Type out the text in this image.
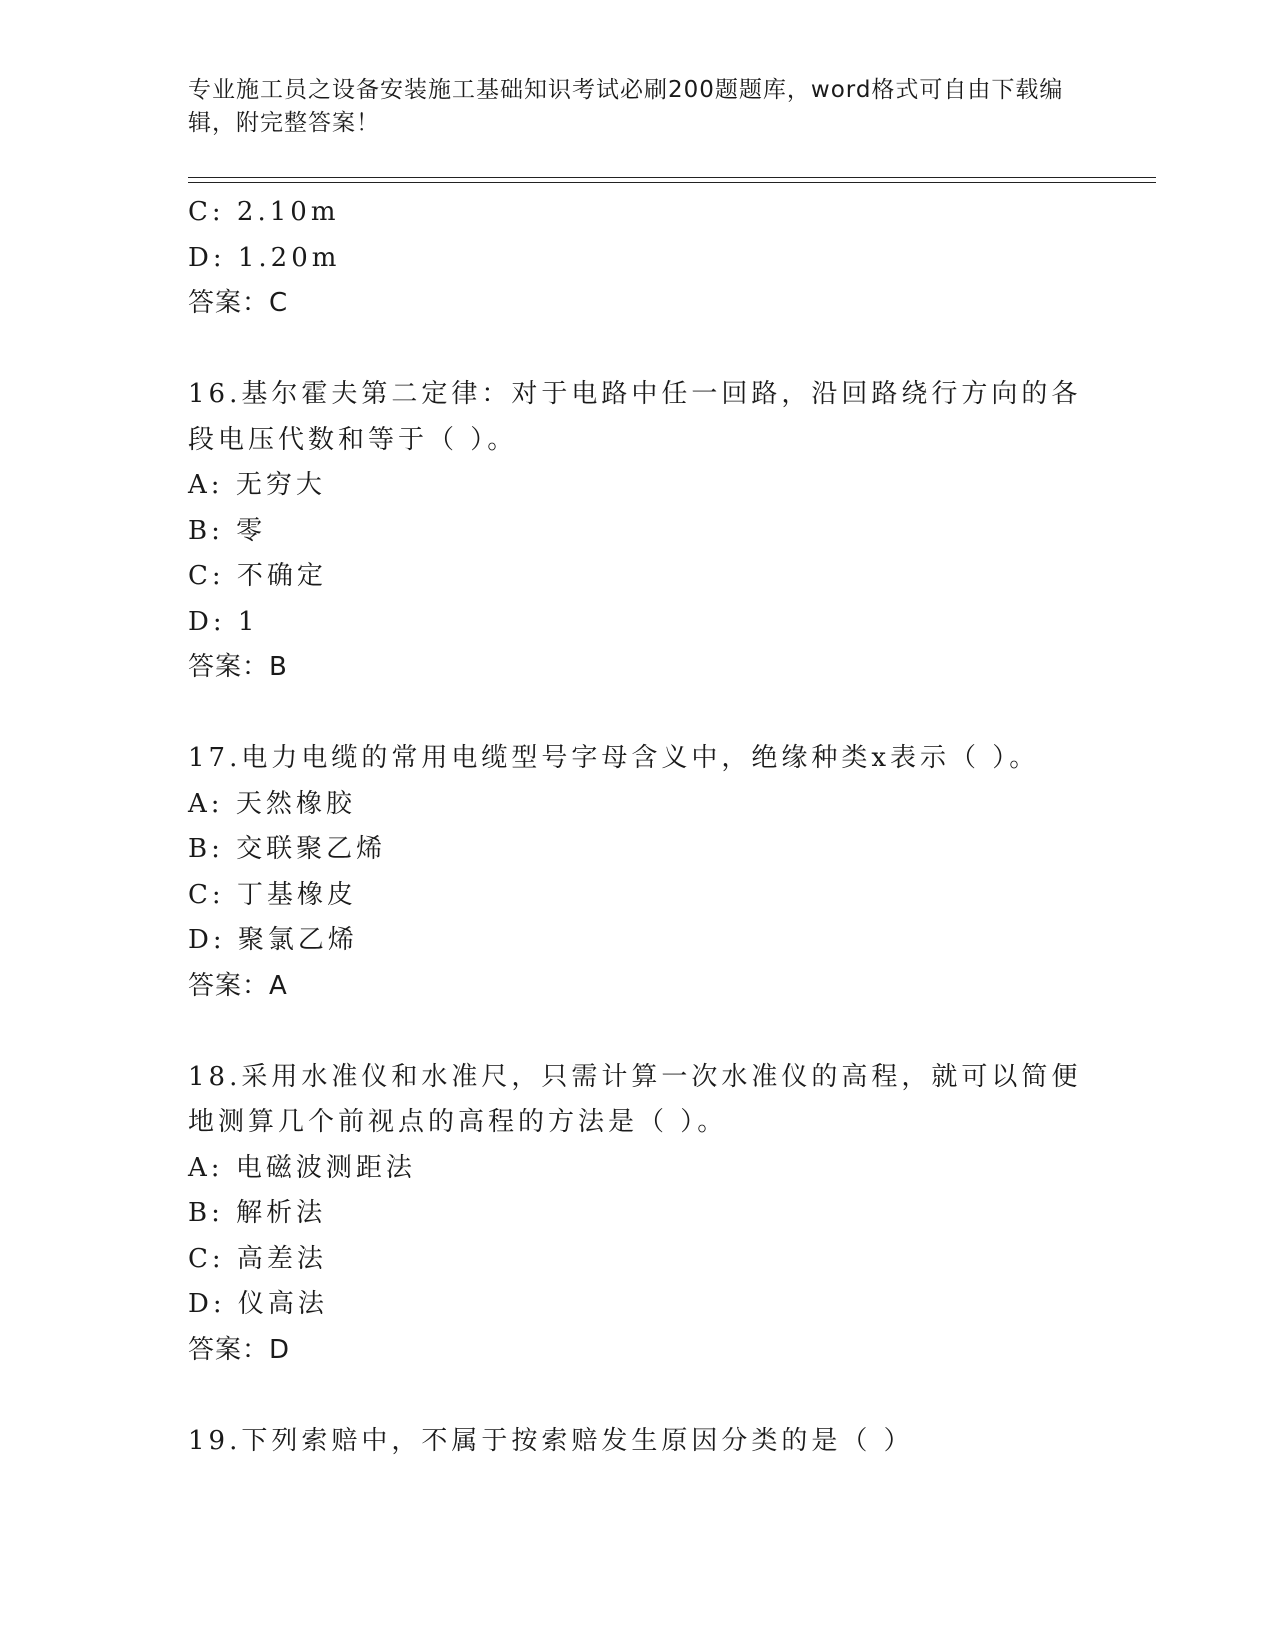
专业施工员之设备安装施工基础知识考试必刷200题题库，word格式可自由下载编辑，附完整答案！
C: 2.10m
D: 1.20m
答案：C
16.基尔霍夫第二定律：对于电路中任一回路，沿回路绕行方向的各段电压代数和等于（ ）。
A: 无穷大
B: 零
C: 不确定
D: 1
答案：B
17.电力电缆的常用电缆型号字母含义中，绝缘种类x表示（ ）。
A: 天然橡胶
B: 交联聚乙烯
C: 丁基橡皮
D: 聚氯乙烯
答案：A
18.采用水准仪和水准尺，只需计算一次水准仪的高程，就可以简便地测算几个前视点的高程的方法是（ ）。
A: 电磁波测距法
B: 解析法
C: 高差法
D: 仪高法
答案：D
19.下列索赔中，不属于按索赔发生原因分类的是（ ）
